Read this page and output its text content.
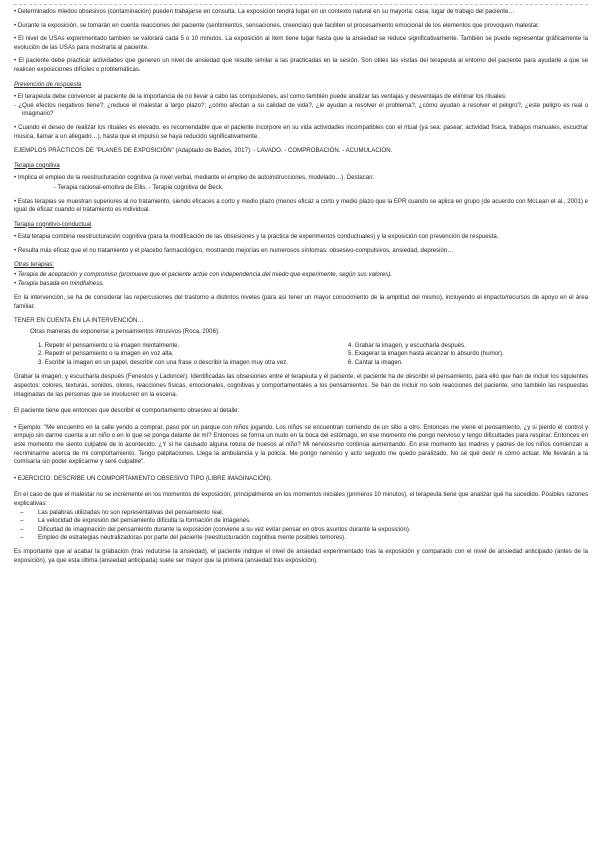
• Determinados miedos obsesivos (contaminación) pueden trabajarse en consulta. La exposición tendrá lugar en un contexto natural en su mayoría: casa, lugar de trabajo del paciente…

• Durante la exposición, se tomarán en cuenta reacciones del paciente (sentimientos, sensaciones, creencias) que faciliten el procesamiento emocional de los elementos que provoquen malestar.

• El nivel de USAs experimentado también se valorará cada 5 o 10 minutos. La exposición al ítem tiene lugar hasta que la ansiedad se reduce significativamente. También se puede representar gráficamente la evolución de las USAs para mostrarla al paciente.

• El paciente debe practicar actividades que generen un nivel de ansiedad que resulte similar a las practicadas en la sesión. Son útiles las visitas del terapeuta al entorno del paciente para ayudarle a que se realicen exposiciones difíciles o problemáticas.

Prevención de respuesta

• El terapeuta debe convencer al paciente de la importancia de no llevar a cabo las compulsiones, así como también puede analizar las ventajas y desventajas de eliminar los rituales:

- ¿Qué efectos negativos tiene?; ¿reduce el malestar a largo plazo?; ¿cómo afectan a su calidad de vida?, ¿le ayudan a resolver el problema?, ¿cómo ayudan a resolver el peligro?, ¿este peligro es real o imaginario?

• Cuando el deseo de realizar los rituales es elevado, es recomendable que el paciente incorpore en su vida actividades incompatibles con el ritual (ya sea: pasear, actividad física, trabajos manuales, escuchar música, llamar a un allegado…), hasta que el impulso se haya reducido significativamente.

EJEMPLOS PRÁCTICOS DE "PLANES DE EXPOSICIÓN" (Adaptado de Bados, 2017): - LAVADO. - COMPROBACIÓN. - ACUMULACIÓN.

Terapia cognitiva

• Implica el empleo de la reestructuración cognitiva (a nivel verbal, mediante el empleo de autoinstrucciones, modelado…). Destacan:

- Terapia racional-emotiva de Ellis. - Terapia cognitiva de Beck.

• Estas terapias se muestran superiores al no tratamiento, siendo eficaces a corto y medio plazo (menos eficaz a corto y medio plazo que la EPR cuando se aplica en grupo (de acuerdo con McLean et al., 2001) e igual de eficaz cuando el tratamiento es individual.

Terapia cognitivo-conductual

• Esta terapia combina reestructuración cognitiva (para la modificación de las obsesiones y la práctica de experimentos conductuales) y la exposición con prevención de respuesta.

• Resulta más eficaz que el no tratamiento y el placebo farmacológico, mostrando mejorías en numerosos síntomas: obsesivo-compulsivos, ansiedad, depresión…

Otras terapias:

• Terapia de aceptación y compromiso (promueve que el paciente actúe con independencia del miedo que experimente, según sus valores).

• Terapia basada en mindfulness.

En la intervención, se ha de considerar las repercusiones del trastorno a distintos niveles (para así tener un mayor conocimiento de la amplitud del mismo), incluyendo el impacto/recursos de apoyo en el área familiar.

TENER EN CUENTA EN LA INTERVENCIÓN…

Otras maneras de exponerse a pensamientos intrusivos (Roca, 2006):

1. Repetir el pensamiento o la imagen mentalmente.
2. Repetir el pensamiento o la imagen en voz alta.
3. Escribir la imagen en un papel, describir con una frase o describir la imagen muy otra vez.
4. Grabar la imagen, y escucharla después.
5. Exagerar la imagen hasta alcanzar lo absurdo (humor).
6. Cantar la imagen.

Grabar la imagen, y escucharla después (Fenestos y Ladoncer). Identificadas las obsesiones entre el terapeuta y el paciente, el paciente ha de describir el pensamiento, para ello que han de incluir los siguientes aspectos: colores, texturas, sonidos, olores, reacciones físicas, emocionales, cognitivas y comportamentales a los pensamientos. Se han de incluir no solo reacciones del paciente, sino también las respuestas imaginadas de las personas que se involucren en la escena.

El paciente tiene que entonces que describir el comportamiento obsesivo al detalle:

• Ejemplo: "Me encuentro en la calle yendo a comprar, paso por un parque con niños jugando. Los niños se encuentran corriendo de un sitio a otro. Entonces me viene el pensamiento, ¿y si pierdo el control y empujo sin darme cuenta a un niño o en lo que se ponga delante de mí? Entonces se forma un nudo en la boca del estómago, en ese momento me pongo nervioso y tengo dificultades para respirar. Entonces en este momento me siento culpable de lo acontecido. ¿Y si he causado alguna rotura de huesos al niño? Mi nerviosismo continúa aumentando. En ese momento las madres y padres de los niños comienzan a recriminarme acerca de mi comportamiento. Tengo palpitaciones. Llega la ambulancia y la policía. Me pongo nervioso y acto seguido me quedo paralizado. No sé qué decir ni cómo actuar. Me llevarán a la comisaría sin poder explicarme y seré culpable".

• EJERCICIO: DESCRIBE UN COMPORTAMIENTO OBSESIVO TIPO (LIBRE IMAGINACIÓN).

En el caso de que el malestar no se incremente en los momentos de exposición, principalmente en los momentos iniciales (primeros 10 minutos), el terapeuta tiene que analizar qué ha sucedido. Posibles razones explicativas:

– Las palabras utilizadas no son representativas del pensamiento real.
– La velocidad de expresión del pensamiento dificulta la formación de imágenes.
– Dificultad de imaginación del pensamiento durante la exposición (conviene a su vez evitar pensar en otros asuntos durante la exposición).
– Empleo de estrategias neutralizadoras por parte del paciente (reestructuración cognitiva mente posibles temores).

Es importante que al acabar la grabación (tras reducirse la ansiedad), el paciente indique el nivel de ansiedad experimentado tras la exposición y comparado con el nivel de ansiedad anticipado (antes de la exposición), ya que esta última (ansiedad anticipada) suele ser mayor que la primera (ansiedad tras exposición).
